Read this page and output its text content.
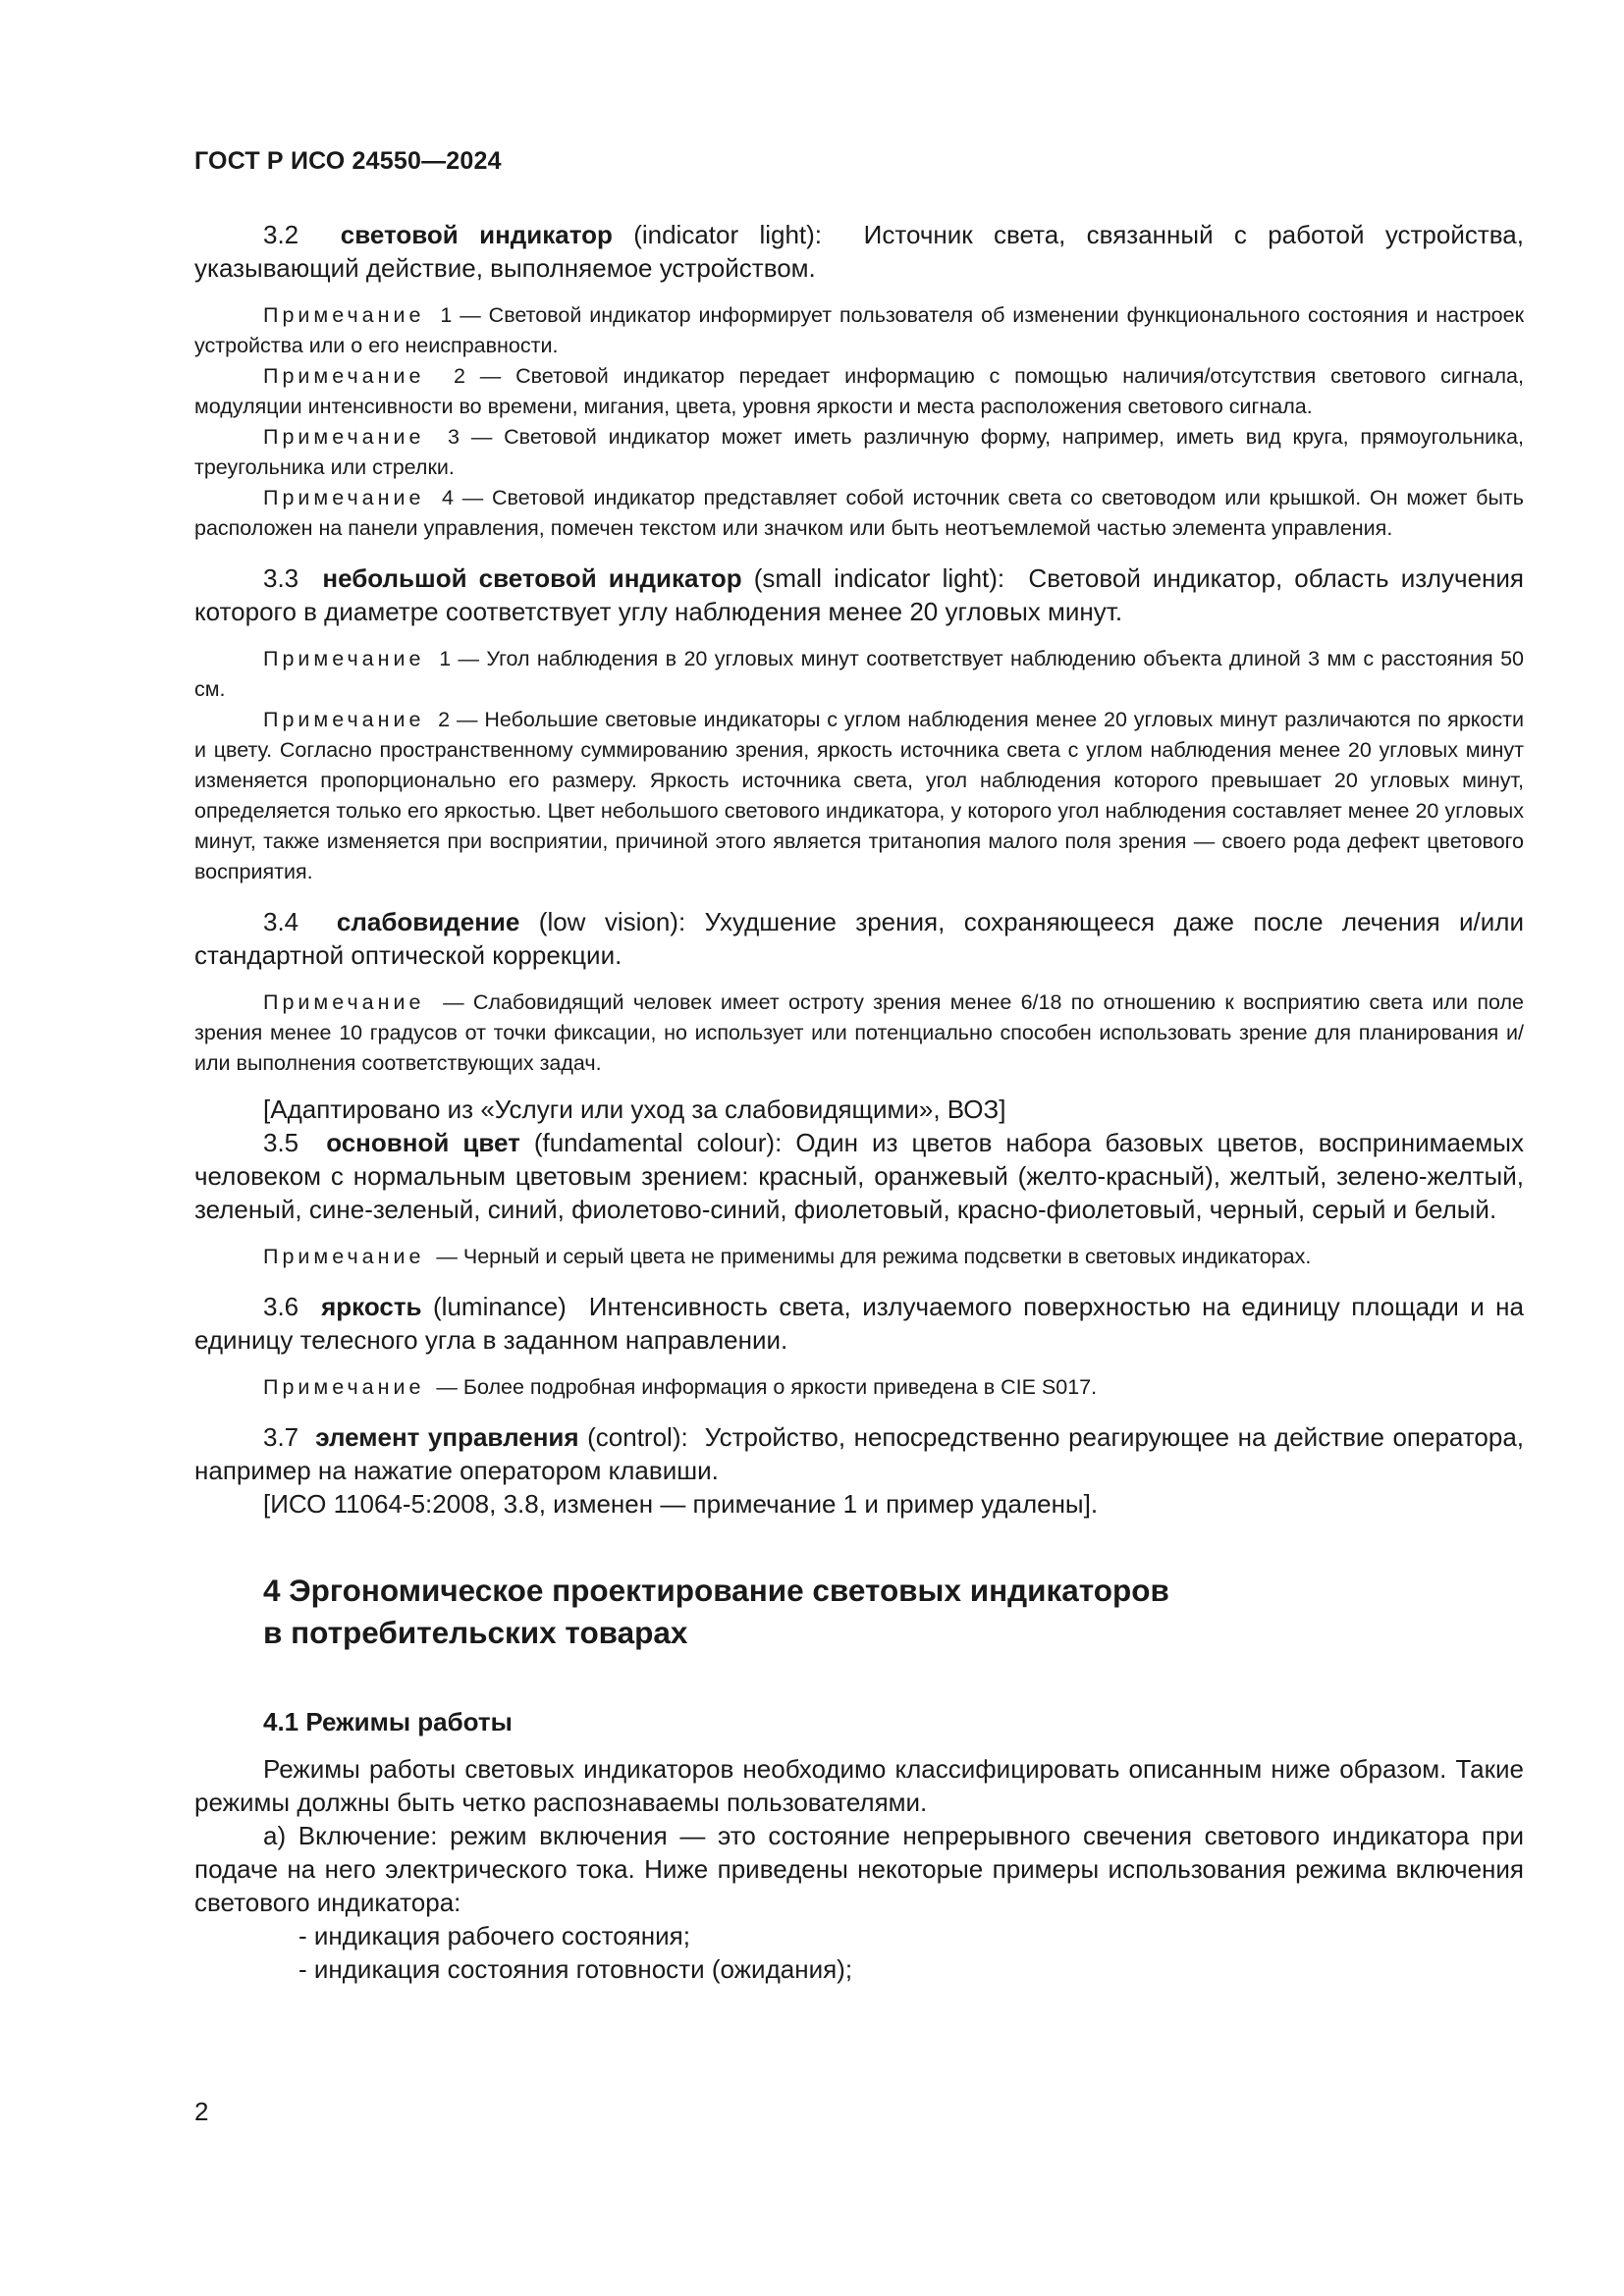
ГОСТ Р ИСО 24550—2024

3.2 световой индикатор (indicator light): Источник света, связанный с работой устройства, указывающий действие, выполняемое устройством.

Примечание 1 — Световой индикатор информирует пользователя об изменении функционального состояния и настроек устройства или о его неисправности.

Примечание 2 — Световой индикатор передает информацию с помощью наличия/отсутствия светового сигнала, модуляции интенсивности во времени, мигания, цвета, уровня яркости и места расположения светового сигнала.

Примечание 3 — Световой индикатор может иметь различную форму, например, иметь вид круга, прямоугольника, треугольника или стрелки.

Примечание 4 — Световой индикатор представляет собой источник света со световодом или крышкой. Он может быть расположен на панели управления, помечен текстом или значком или быть неотъемлемой частью элемента управления.

3.3 небольшой световой индикатор (small indicator light): Световой индикатор, область излучения которого в диаметре соответствует углу наблюдения менее 20 угловых минут.

Примечание 1 — Угол наблюдения в 20 угловых минут соответствует наблюдению объекта длиной 3 мм с расстояния 50 см.

Примечание 2 — Небольшие световые индикаторы с углом наблюдения менее 20 угловых минут различаются по яркости и цвету. Согласно пространственному суммированию зрения, яркость источника света с углом наблюдения менее 20 угловых минут изменяется пропорционально его размеру. Яркость источника света, угол наблюдения которого превышает 20 угловых минут, определяется только его яркостью. Цвет небольшого светового индикатора, у которого угол наблюдения составляет менее 20 угловых минут, также изменяется при восприятии, причиной этого является тританопия малого поля зрения — своего рода дефект цветового восприятия.

3.4 слабовидение (low vision): Ухудшение зрения, сохраняющееся даже после лечения и/или стандартной оптической коррекции.

Примечание — Слабовидящий человек имеет остроту зрения менее 6/18 по отношению к восприятию света или поле зрения менее 10 градусов от точки фиксации, но использует или потенциально способен использовать зрение для планирования и/или выполнения соответствующих задач.

[Адаптировано из «Услуги или уход за слабовидящими», ВОЗ]

3.5 основной цвет (fundamental colour): Один из цветов набора базовых цветов, воспринимаемых человеком с нормальным цветовым зрением: красный, оранжевый (желто-красный), желтый, зелено-желтый, зеленый, сине-зеленый, синий, фиолетово-синий, фиолетовый, красно-фиолетовый, черный, серый и белый.

Примечание — Черный и серый цвета не применимы для режима подсветки в световых индикаторах.

3.6 яркость (luminance) Интенсивность света, излучаемого поверхностью на единицу площади и на единицу телесного угла в заданном направлении.

Примечание — Более подробная информация о яркости приведена в CIE S017.

3.7 элемент управления (control): Устройство, непосредственно реагирующее на действие оператора, например на нажатие оператором клавиши.

[ИСО 11064-5:2008, 3.8, изменен — примечание 1 и пример удалены].

4 Эргономическое проектирование световых индикаторов
в потребительских товарах
4.1 Режимы работы

Режимы работы световых индикаторов необходимо классифицировать описанным ниже образом. Такие режимы должны быть четко распознаваемы пользователями.

a) Включение: режим включения — это состояние непрерывного свечения светового индикатора при подаче на него электрического тока. Ниже приведены некоторые примеры использования режима включения светового индикатора:

- индикация рабочего состояния;
- индикация состояния готовности (ожидания);
2
